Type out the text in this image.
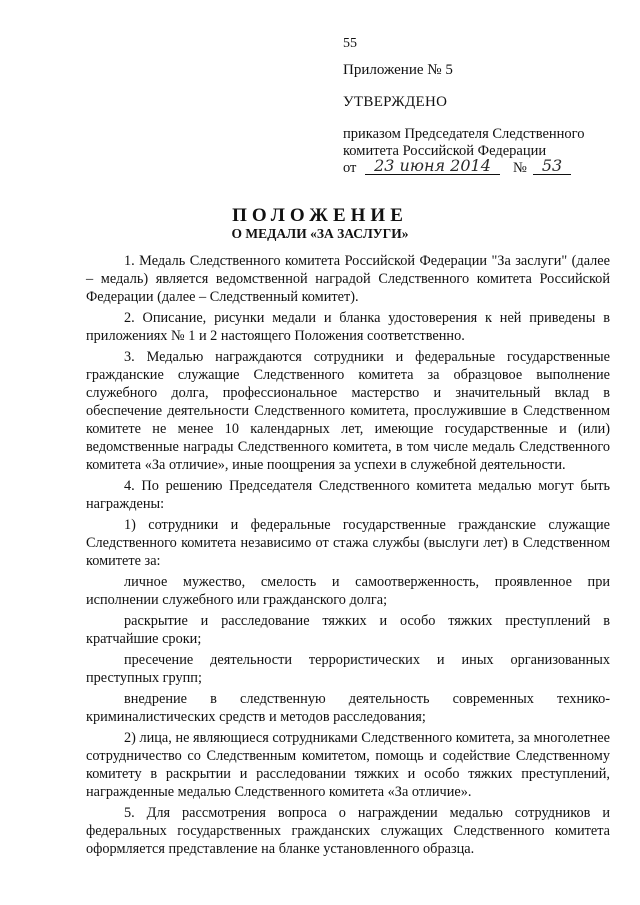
55
Приложение № 5
УТВЕРЖДЕНО
приказом Председателя Следственного
комитета Российской Федерации
от	23 июня 2014	№ 53
ПОЛОЖЕНИЕ
О МЕДАЛИ «ЗА ЗАСЛУГИ»

1. Медаль Следственного комитета Российской Федерации "За заслуги" (далее – медаль) является ведомственной наградой Следственного комитета Российской Федерации (далее – Следственный комитет).

2. Описание, рисунки медали и бланка удостоверения к ней приведены в приложениях № 1 и 2 настоящего Положения соответственно.

3. Медалью награждаются сотрудники и федеральные государственные гражданские служащие Следственного комитета за образцовое выполнение служебного долга, профессиональное мастерство и значительный вклад в обеспечение деятельности Следственного комитета, прослужившие в Следственном комитете не менее 10 календарных лет, имеющие государственные и (или) ведомственные награды Следственного комитета, в том числе медаль Следственного комитета «За отличие», иные поощрения за успехи в служебной деятельности.

4. По решению Председателя Следственного комитета медалью могут быть награждены:

1) сотрудники и федеральные государственные гражданские служащие Следственного комитета независимо от стажа службы (выслуги лет) в Следственном комитете за:

личное мужество, смелость и самоотверженность, проявленное при исполнении служебного или гражданского долга;

раскрытие и расследование тяжких и особо тяжких преступлений в кратчайшие сроки;

пресечение деятельности террористических и иных организованных преступных групп;

внедрение в следственную деятельность современных технико-криминалистических средств и методов расследования;

2) лица, не являющиеся сотрудниками Следственного комитета, за многолетнее сотрудничество со Следственным комитетом, помощь и содействие Следственному комитету в раскрытии и расследовании тяжких и особо тяжких преступлений, награжденные медалью Следственного комитета «За отличие».

5. Для рассмотрения вопроса о награждении медалью сотрудников и федеральных государственных гражданских служащих Следственного комитета оформляется представление на бланке установленного образца.
